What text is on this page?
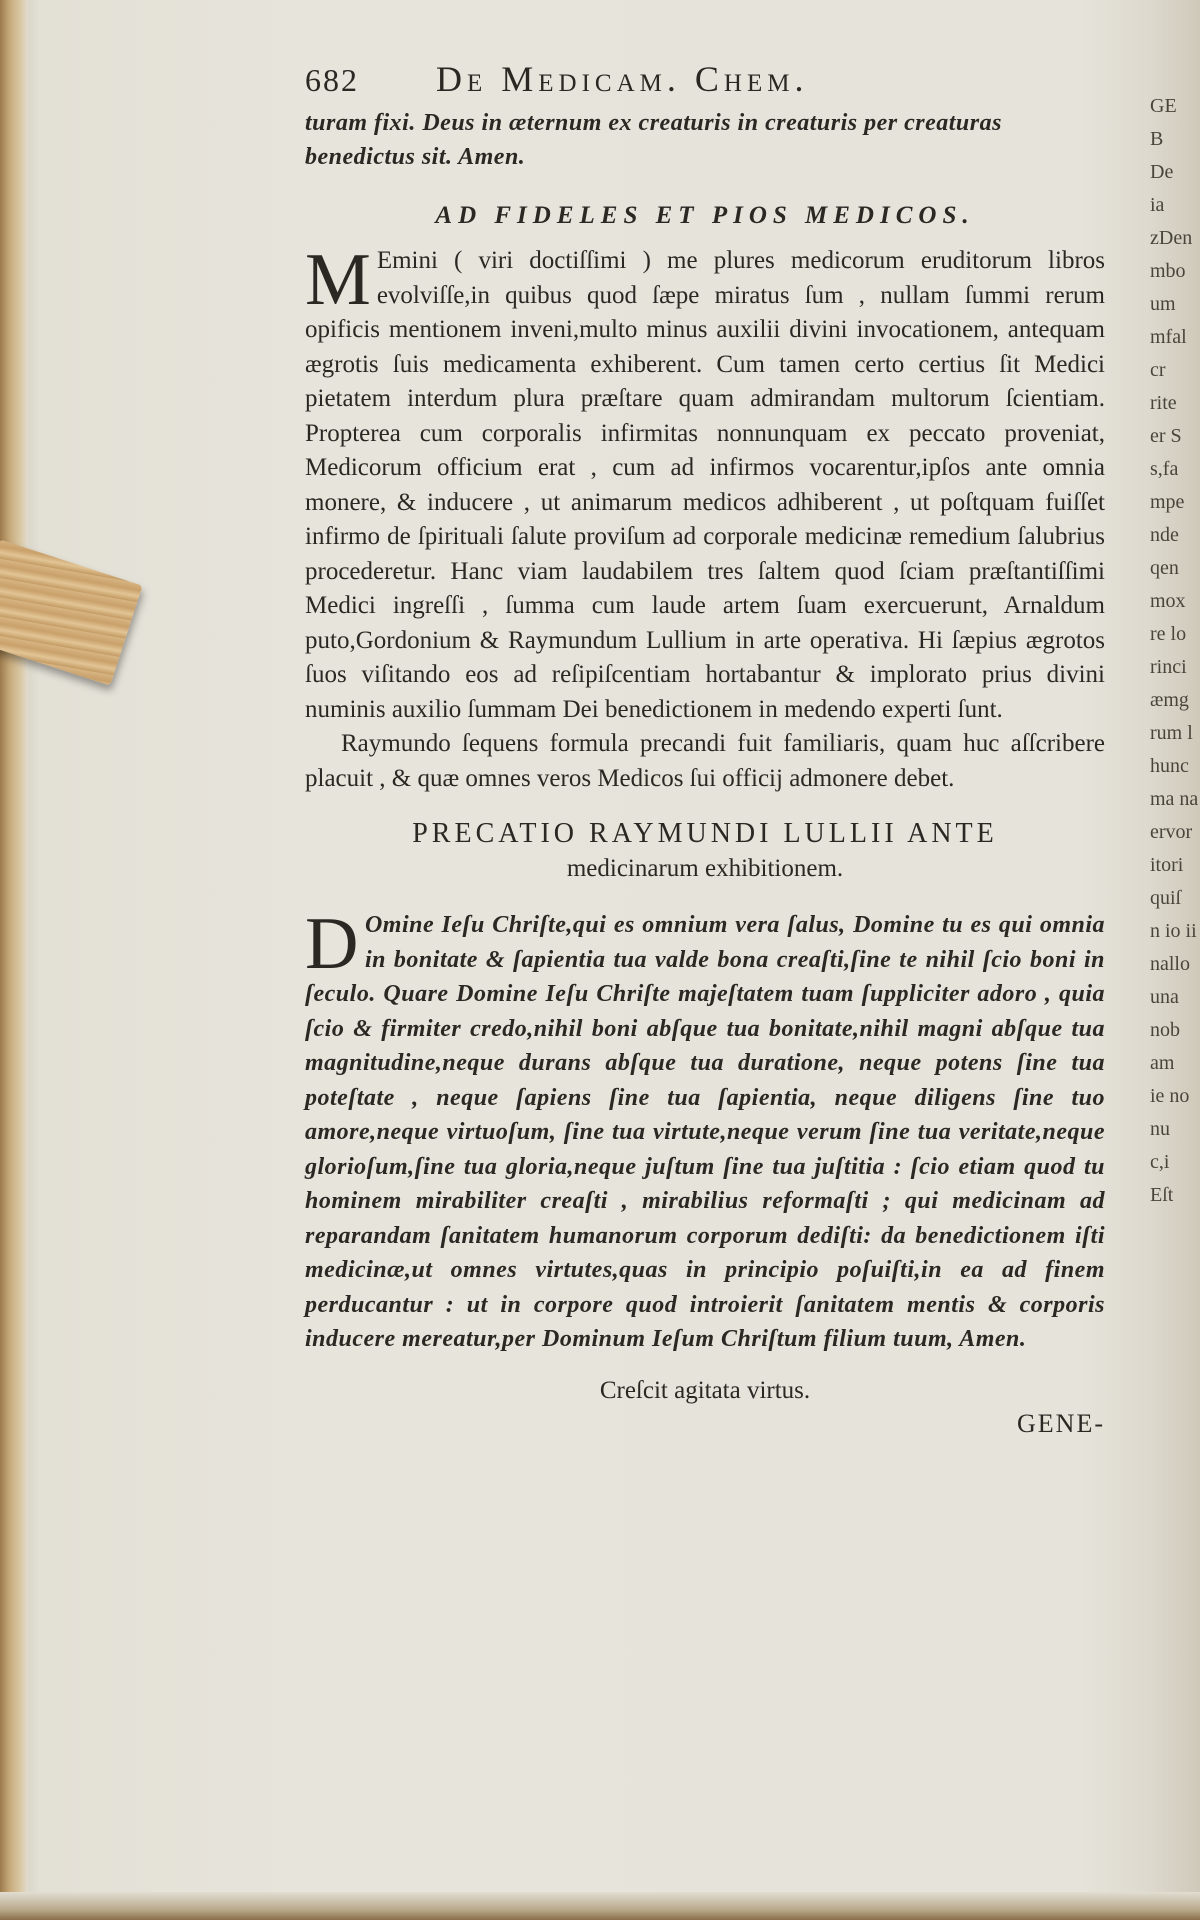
682 De Medicam. Chem.
turam fixi. Deus in æternum ex creaturis in creaturis per creaturas benedictus sit. Amen.
AD FIDELES ET PIOS MEDICOS.

M Emini ( viri doctiſſimi ) me plures medicorum eruditorum libros evolviſſe,in quibus quod ſæpe miratus ſum , nullam ſummi rerum opificis mentionem inveni,multo minus auxilii divini invocationem, antequam ægrotis ſuis medicamenta exhiberent. Cum tamen certo certius ſit Medici pietatem interdum plura præſtare quam admirandam multorum ſcientiam. Propterea cum corporalis infirmitas nonnunquam ex peccato proveniat, Medicorum officium erat , cum ad infirmos vocarentur,ipſos ante omnia monere, & inducere , ut animarum medicos adhiberent , ut poſtquam fuiſſet infirmo de ſpirituali ſalute proviſum ad corporale medicinæ remedium ſalubrius procederetur. Hanc viam laudabilem tres ſaltem quod ſciam præſtantiſſimi Medici ingreſſi , ſumma cum laude artem ſuam exercuerunt, Arnaldum puto,Gordonium & Raymundum Lullium in arte operativa. Hi ſæpius ægrotos ſuos viſitando eos ad reſipiſcentiam hortabantur & implorato prius divini numinis auxilio ſummam Dei benedictionem in medendo experti ſunt.

Raymundo ſequens formula precandi fuit familiaris, quam huc aſſcribere placuit , & quæ omnes veros Medicos ſui officij admonere debet.

PRECATIO RAYMUNDI LULLII ANTE
medicinarum exhibitionem.
D Omine Ieſu Chriſte,qui es omnium vera ſalus, Domine tu es qui omnia in bonitate & ſapientia tua valde bona creaſti,ſine te nihil ſcio boni in ſeculo. Quare Domine Ieſu Chriſte majeſtatem tuam ſuppliciter adoro , quia ſcio & firmiter credo,nihil boni abſque tua bonitate,nihil magni abſque tua magnitudine,neque durans abſque tua duratione, neque potens ſine tua poteſtate , neque ſapiens ſine tua ſapientia, neque diligens ſine tuo amore,neque virtuoſum, ſine tua virtute,neque verum ſine tua veritate,neque glorioſum,ſine tua gloria,neque juſtum ſine tua juſtitia : ſcio etiam quod tu hominem mirabiliter creaſti , mirabilius reformaſti ; qui medicinam ad reparandam ſanitatem humanorum corporum dediſti: da benedictionem iſti medicinæ,ut omnes virtutes,quas in principio poſuiſti,in ea ad finem perducantur : ut in corpore quod introierit ſanitatem mentis & corporis inducere mereatur,per Dominum Ieſum Chriſtum filium tuum, Amen.
Creſcit agitata virtus.
GENE-
GE
B
De
ia
zDen
mbo
um
mfal
cr
rite
er S
s,fa
mpe
nde
qen
mox
re lo
rinci
æmg
rum l
hunc
ma na
ervor
itori
quiſ
n io ii
nallo
una
nob
am
ie no
nu
c,i
Eſt
